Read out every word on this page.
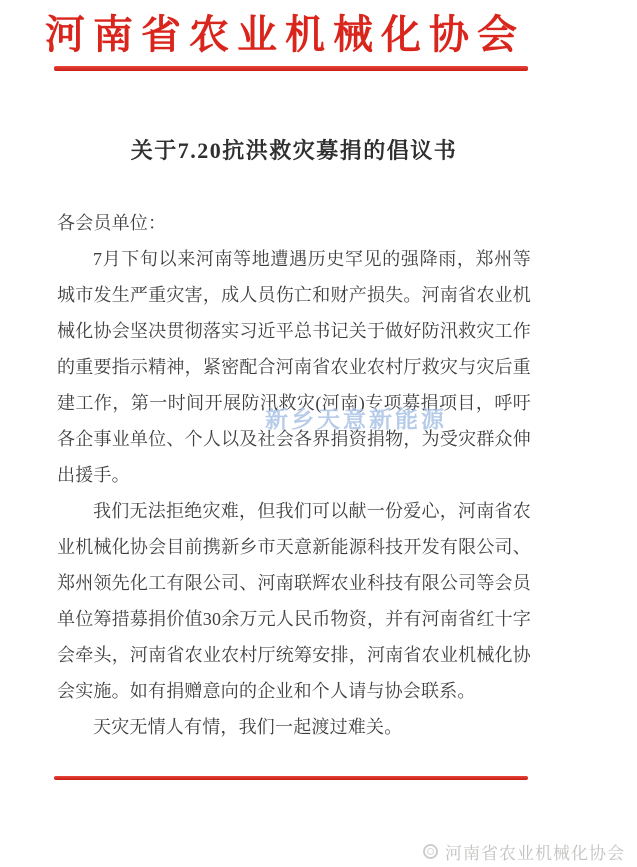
河南省农业机械化协会
关于7.20抗洪救灾募捐的倡议书

各会员单位：

7月下旬以来河南等地遭遇历史罕见的强降雨，郑州等城市发生严重灾害，成人员伤亡和财产损失。河南省农业机械化协会坚决贯彻落实习近平总书记关于做好防汛救灾工作的重要指示精神，紧密配合河南省农业农村厅救灾与灾后重建工作，第一时间开展防汛救灾(河南)专项募捐项目，呼吁各企事业单位、个人以及社会各界捐资捐物，为受灾群众伸出援手。

我们无法拒绝灾难，但我们可以献一份爱心，河南省农业机械化协会目前携新乡市天意新能源科技开发有限公司、郑州领先化工有限公司、河南联辉农业科技有限公司等会员单位筹措募捐价值30余万元人民币物资，并有河南省红十字会牵头，河南省农业农村厅统筹安排，河南省农业机械化协会实施。如有捐赠意向的企业和个人请与协会联系。

天灾无情人有情，我们一起渡过难关。

新乡天意新能源
河南省农业机械化协会
